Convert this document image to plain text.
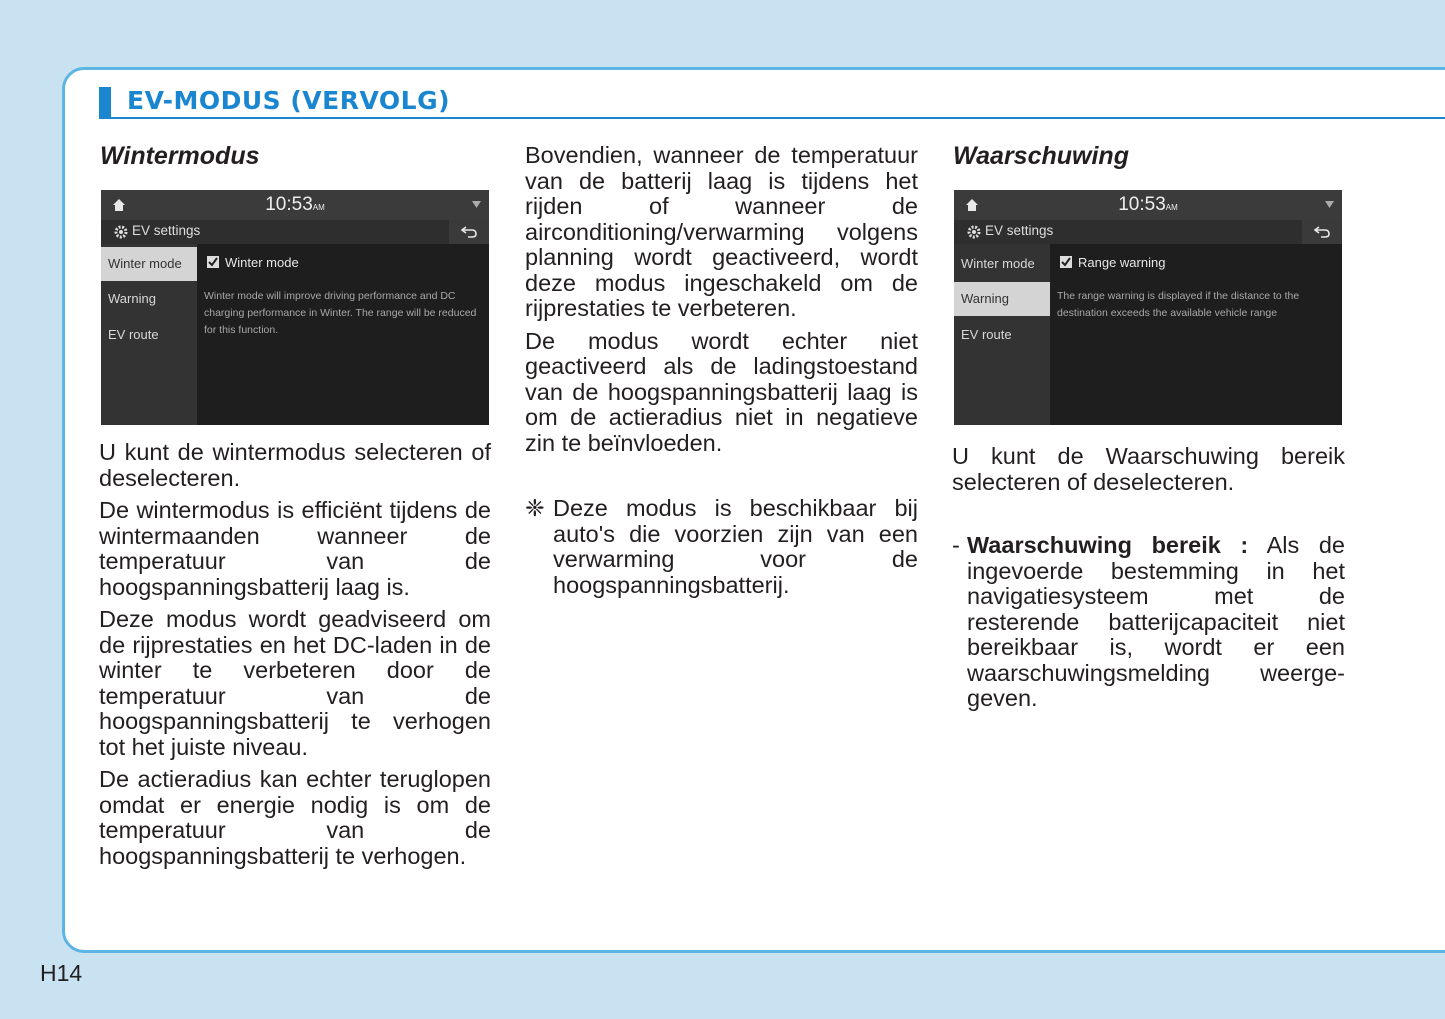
EV-MODUS (VERVOLG)
Wintermodus
10:53AM
EV settings
Winter mode
Warning
EV route
Winter mode
Winter mode will improve driving performance and DC charging performance in Winter. The range will be reduced for this function.

U kunt de wintermodus selecteren of deselecteren.

De wintermodus is efficiënt tijdens de wintermaanden wanneer de temperatuur van de hoogspanningsbatterij laag is.

Deze modus wordt geadviseerd om de rijprestaties en het DC-laden in de winter te verbeteren door de temperatuur van de hoogspanningsbatterij te verhogen tot het juiste niveau.

De actieradius kan echter teruglopen omdat er energie nodig is om de temperatuur van de hoogspanningsbatterij te verhogen.

Bovendien, wanneer de temperatuur van de batterij laag is tijdens het rijden of wanneer de airconditioning/verwarming volgens planning wordt geactiveerd, wordt deze modus ingeschakeld om de rijprestaties te verbeteren.

De modus wordt echter niet geactiveerd als de ladingstoestand van de hoogspanningsbatterij laag is om de actieradius niet in negatieve zin te beïnvloeden.

❈ Deze modus is beschikbaar bij auto's die voorzien zijn van een verwarming voor de hoogspanningsbatterij.
Waarschuwing
10:53AM
EV settings
Winter mode
Warning
EV route
Range warning
The range warning is displayed if the distance to the destination exceeds the available vehicle range

U kunt de Waarschuwing bereik selecteren of deselecteren.

- Waarschuwing bereik : Als de ingevoerde bestemming in het navigatiesysteem met de resterende batterijcapaciteit niet bereikbaar is, wordt er een waarschuwingsmelding weerge-geven.
H14
